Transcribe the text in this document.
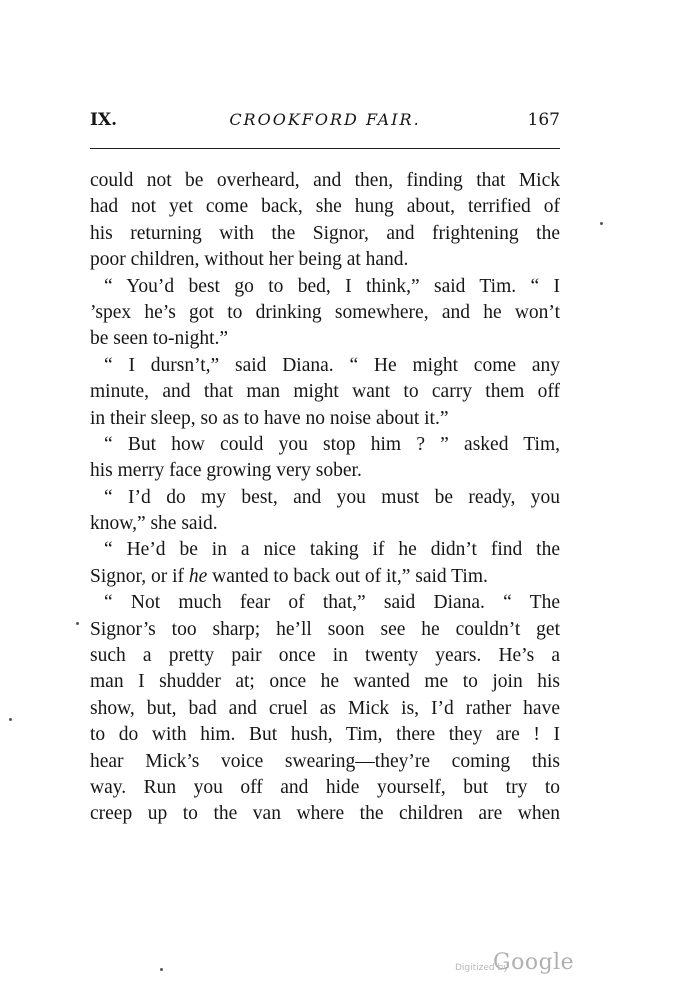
IX.	CROOKFORD FAIR.	167
could not be overheard, and then, finding that Mick
had not yet come back, she hung about, terrified of
his returning with the Signor, and frightening the
poor children, without her being at hand.
“ You’d best go to bed, I think,” said Tim. “ I
’spex he’s got to drinking somewhere, and he won’t
be seen to-night.”
“ I dursn’t,” said Diana. “ He might come any
minute, and that man might want to carry them off
in their sleep, so as to have no noise about it.”
“ But how could you stop him ? ” asked Tim,
his merry face growing very sober.
“ I’d do my best, and you must be ready, you
know,” she said.
“ He’d be in a nice taking if he didn’t find the
Signor, or if he wanted to back out of it,” said Tim.
“ Not much fear of that,” said Diana. “ The
Signor’s too sharp; he’ll soon see he couldn’t get
such a pretty pair once in twenty years. He’s a
man I shudder at; once he wanted me to join his
show, but, bad and cruel as Mick is, I’d rather have
to do with him. But hush, Tim, there they are ! I
hear Mick’s voice swearing—they’re coming this
way. Run you off and hide yourself, but try to
creep up to the van where the children are when
Digitized by
Google
